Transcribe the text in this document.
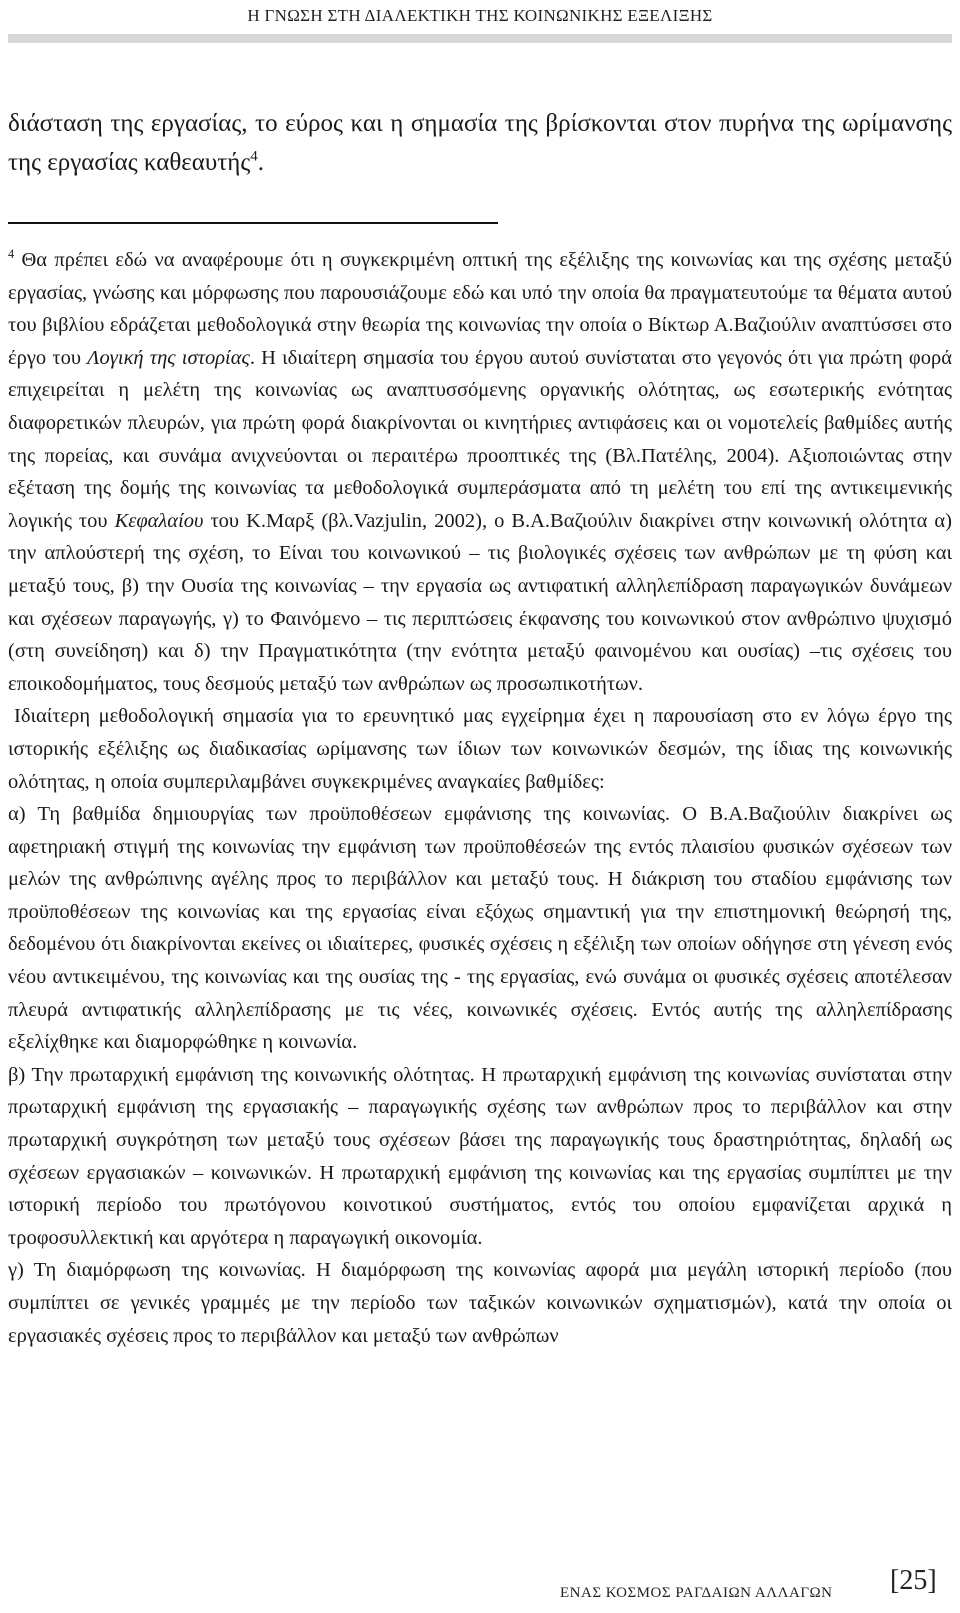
Η ΓΝΩΣΗ ΣΤΗ ΔΙΑΛΕΚΤΙΚΗ ΤΗΣ ΚΟΙΝΩΝΙΚΗΣ ΕΞΕΛΙΞΗΣ
διάσταση της εργασίας, το εύρος και η σημασία της βρίσκονται στον πυρήνα της ωρίμανσης της εργασίας καθεαυτής$^4$.

$^4$ Θα πρέπει εδώ να αναφέρουμε ότι η συγκεκριμένη οπτική της εξέλιξης της κοινωνίας και της σχέσης μεταξύ εργασίας, γνώσης και μόρφωσης που παρουσιάζουμε εδώ και υπό την οποία θα πραγματευτούμε τα θέματα αυτού του βιβλίου εδράζεται μεθοδολογικά στην θεωρία της κοινωνίας την οποία ο Βίκτωρ Α.Βαζιούλιν αναπτύσσει στο έργο του Λογική της ιστορίας. Η ιδιαίτερη σημασία του έργου αυτού συνίσταται στο γεγονός ότι για πρώτη φορά επιχειρείται η μελέτη της κοινωνίας ως αναπτυσσόμενης οργανικής ολότητας, ως εσωτερικής ενότητας διαφορετικών πλευρών, για πρώτη φορά διακρίνονται οι κινητήριες αντιφάσεις και οι νομοτελείς βαθμίδες αυτής της πορείας, και συνάμα ανιχνεύονται οι περαιτέρω προοπτικές της (Βλ.Πατέλης, 2004). Αξιοποιώντας στην εξέταση της δομής της κοινωνίας τα μεθοδολογικά συμπεράσματα από τη μελέτη του επί της αντικειμενικής λογικής του Κεφαλαίου του Κ.Μαρξ (βλ.Vazjulin, 2002), ο Β.Α.Βαζιούλιν διακρίνει στην κοινωνική ολότητα α) την απλούστερή της σχέση, το Είναι του κοινωνικού – τις βιολογικές σχέσεις των ανθρώπων με τη φύση και μεταξύ τους, β) την Ουσία της κοινωνίας – την εργασία ως αντιφατική αλληλεπίδραση παραγωγικών δυνάμεων και σχέσεων παραγωγής, γ) το Φαινόμενο – τις περιπτώσεις έκφανσης του κοινωνικού στον ανθρώπινο ψυχισμό (στη συνείδηση) και δ) την Πραγματικότητα (την ενότητα μεταξύ φαινομένου και ουσίας) –τις σχέσεις του εποικοδομήματος, τους δεσμούς μεταξύ των ανθρώπων ως προσωπικοτήτων.

Ιδιαίτερη μεθοδολογική σημασία για το ερευνητικό μας εγχείρημα έχει η παρουσίαση στο εν λόγω έργο της ιστορικής εξέλιξης ως διαδικασίας ωρίμανσης των ίδιων των κοινωνικών δεσμών, της ίδιας της κοινωνικής ολότητας, η οποία συμπεριλαμβάνει συγκεκριμένες αναγκαίες βαθμίδες:

α) Τη βαθμίδα δημιουργίας των προϋποθέσεων εμφάνισης της κοινωνίας. Ο Β.Α.Βαζιούλιν διακρίνει ως αφετηριακή στιγμή της κοινωνίας την εμφάνιση των προϋποθέσεών της εντός πλαισίου φυσικών σχέσεων των μελών της ανθρώπινης αγέλης προς το περιβάλλον και μεταξύ τους. Η διάκριση του σταδίου εμφάνισης των προϋποθέσεων της κοινωνίας και της εργασίας είναι εξόχως σημαντική για την επιστημονική θεώρησή της, δεδομένου ότι διακρίνονται εκείνες οι ιδιαίτερες, φυσικές σχέσεις η εξέλιξη των οποίων οδήγησε στη γένεση ενός νέου αντικειμένου, της κοινωνίας και της ουσίας της - της εργασίας, ενώ συνάμα οι φυσικές σχέσεις αποτέλεσαν πλευρά αντιφατικής αλληλεπίδρασης με τις νέες, κοινωνικές σχέσεις. Εντός αυτής της αλληλεπίδρασης εξελίχθηκε και διαμορφώθηκε η κοινωνία.

β) Την πρωταρχική εμφάνιση της κοινωνικής ολότητας. Η πρωταρχική εμφάνιση της κοινωνίας συνίσταται στην πρωταρχική εμφάνιση της εργασιακής – παραγωγικής σχέσης των ανθρώπων προς το περιβάλλον και στην πρωταρχική συγκρότηση των μεταξύ τους σχέσεων βάσει της παραγωγικής τους δραστηριότητας, δηλαδή ως σχέσεων εργασιακών – κοινωνικών. Η πρωταρχική εμφάνιση της κοινωνίας και της εργασίας συμπίπτει με την ιστορική περίοδο του πρωτόγονου κοινοτικού συστήματος, εντός του οποίου εμφανίζεται αρχικά η τροφοσυλλεκτική και αργότερα η παραγωγική οικονομία.

γ) Τη διαμόρφωση της κοινωνίας. Η διαμόρφωση της κοινωνίας αφορά μια μεγάλη ιστορική περίοδο (που συμπίπτει σε γενικές γραμμές με την περίοδο των ταξικών κοινωνικών σχηματισμών), κατά την οποία οι εργασιακές σχέσεις προς το περιβάλλον και μεταξύ των ανθρώπων

ΕΝΑΣ ΚΟΣΜΟΣ ΡΑΓΔΑΙΩΝ ΑΛΛΑΓΩΝ [25]
